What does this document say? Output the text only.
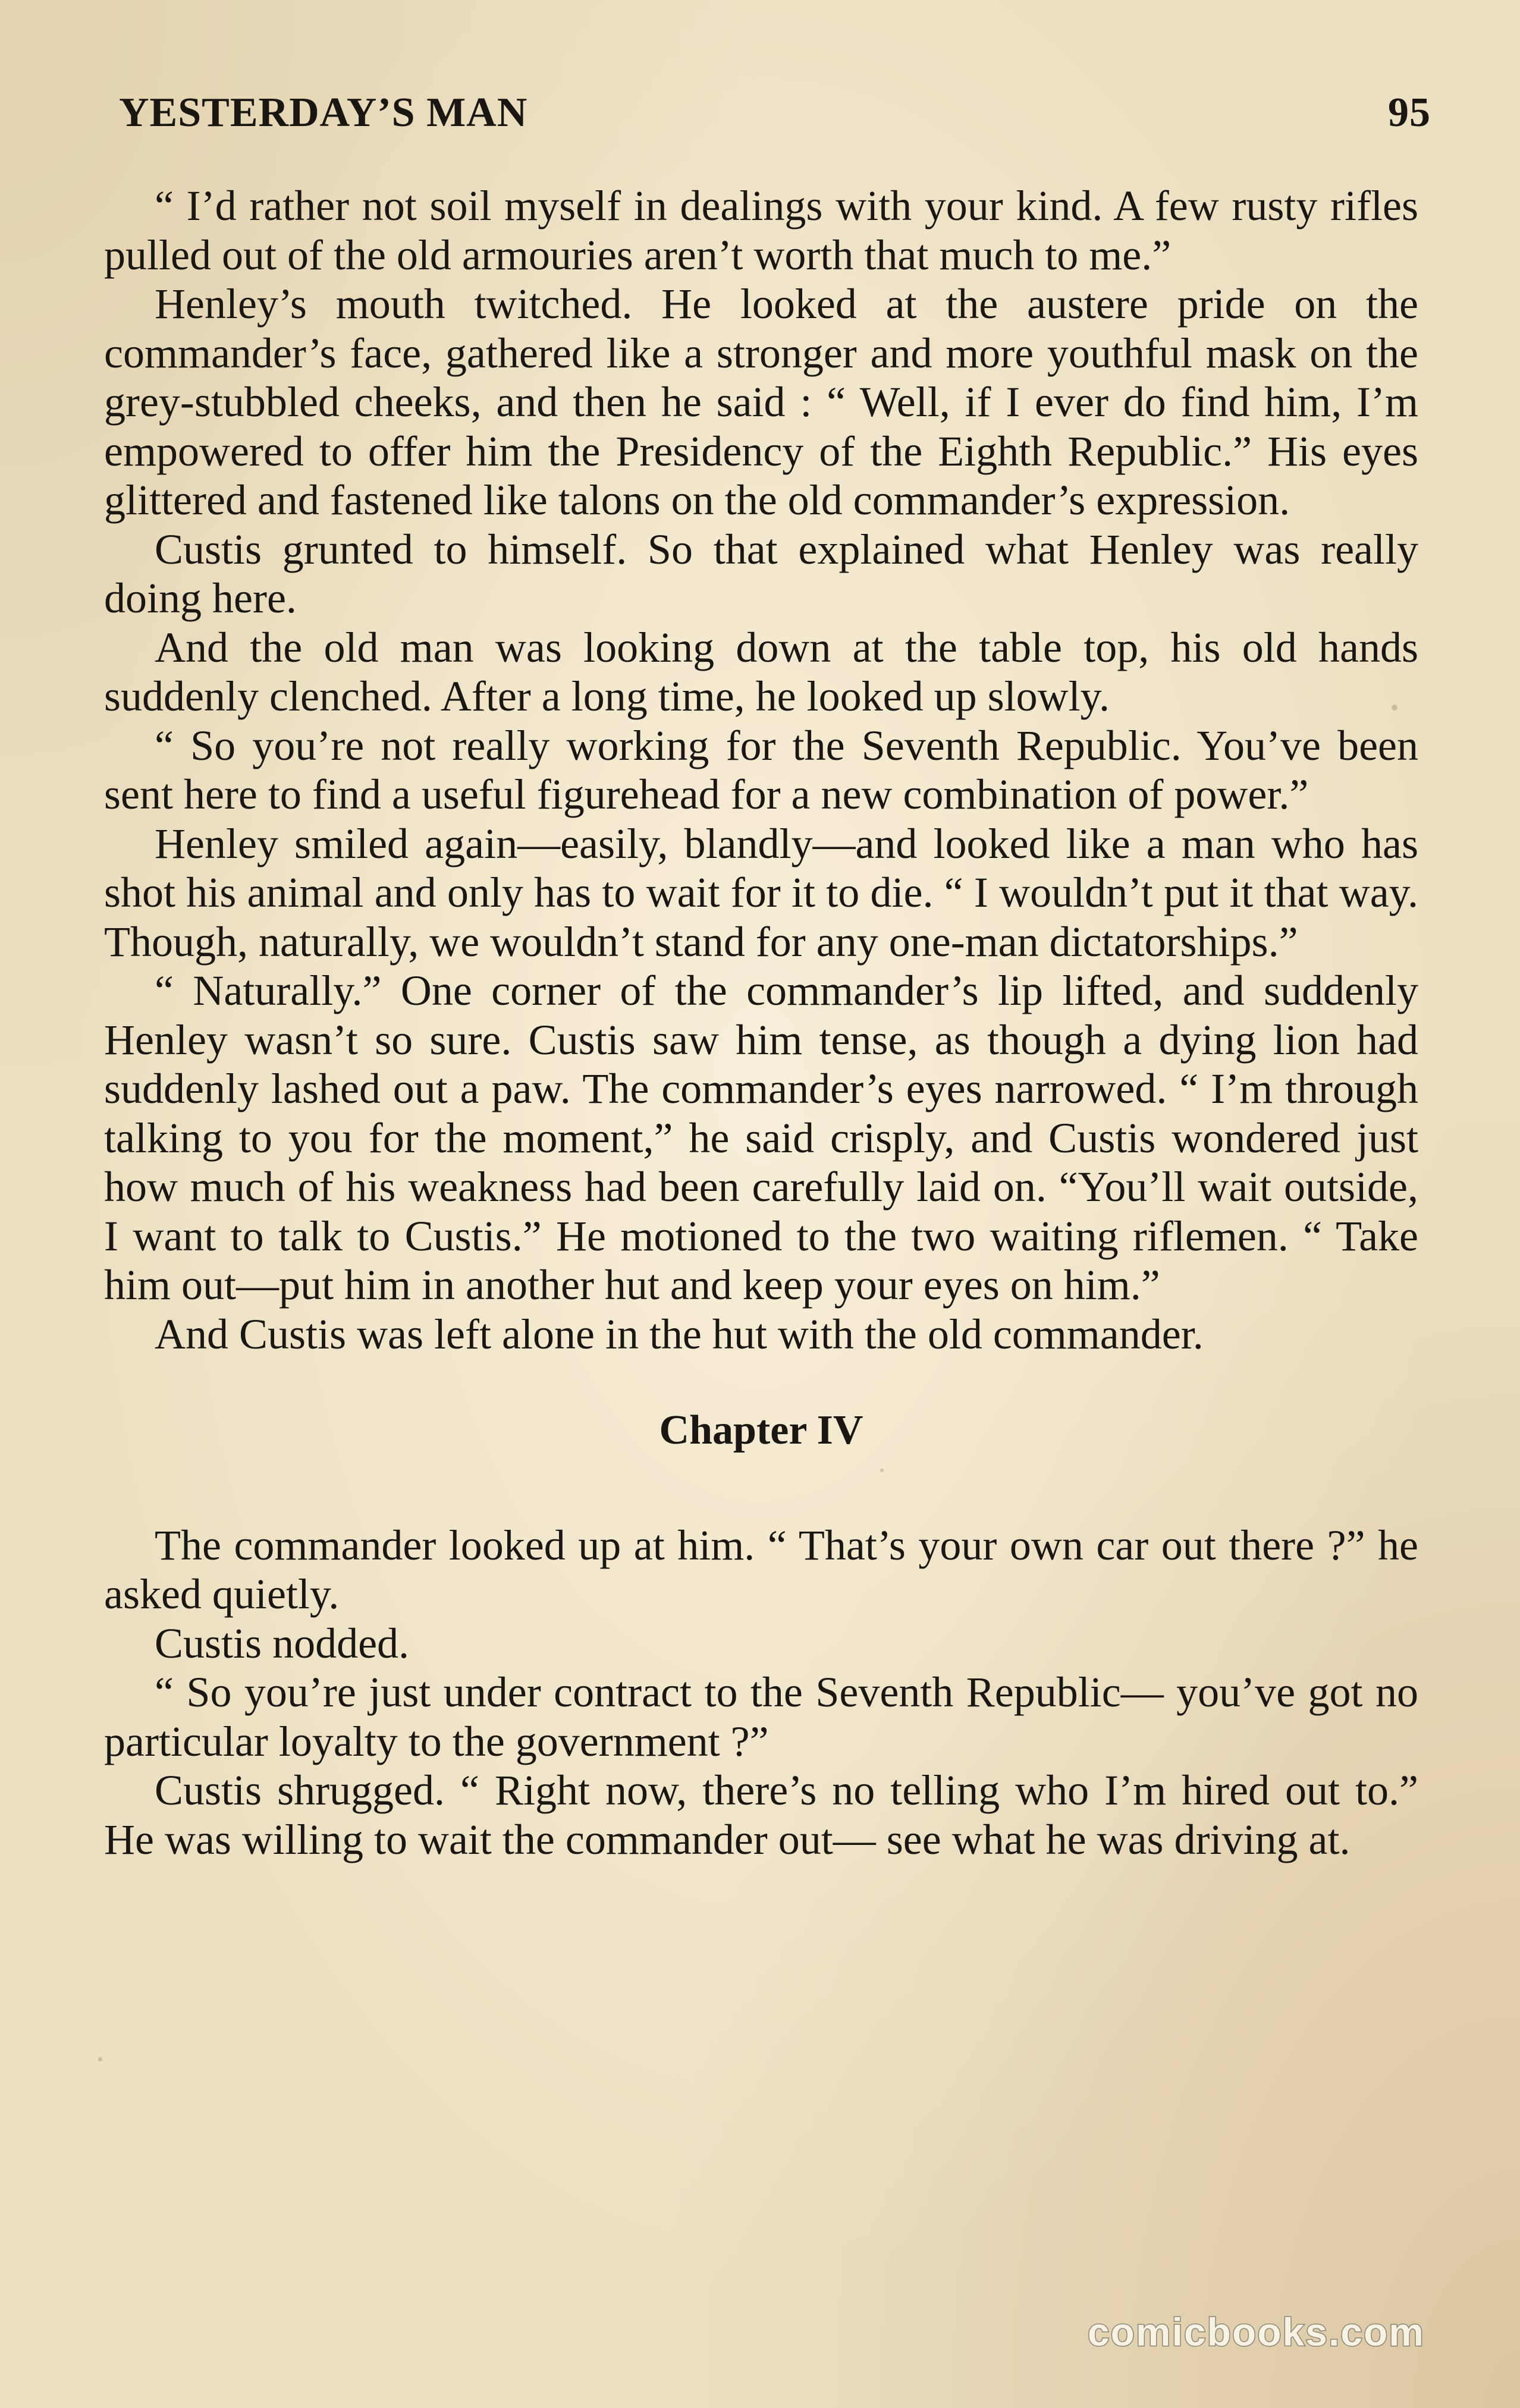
YESTERDAY’S MAN	95

“ I’d rather not soil myself in dealings with your kind. A few rusty rifles pulled out of the old armouries aren’t worth that much to me.”

Henley’s mouth twitched. He looked at the austere pride on the commander’s face, gathered like a stronger and more youthful mask on the grey-stubbled cheeks, and then he said : “ Well, if I ever do find him, I’m empowered to offer him the Presidency of the Eighth Republic.” His eyes glittered and fastened like talons on the old commander’s expression.

Custis grunted to himself. So that explained what Henley was really doing here.

And the old man was looking down at the table top, his old hands suddenly clenched. After a long time, he looked up slowly.

“ So you’re not really working for the Seventh Republic. You’ve been sent here to find a useful figurehead for a new combination of power.”

Henley smiled again—easily, blandly—and looked like a man who has shot his animal and only has to wait for it to die. “ I wouldn’t put it that way. Though, naturally, we wouldn’t stand for any one-man dictatorships.”

“ Naturally.” One corner of the commander’s lip lifted, and suddenly Henley wasn’t so sure. Custis saw him tense, as though a dying lion had suddenly lashed out a paw. The commander’s eyes narrowed. “ I’m through talking to you for the moment,” he said crisply, and Custis wondered just how much of his weakness had been carefully laid on. “You’ll wait outside, I want to talk to Custis.” He motioned to the two waiting riflemen. “ Take him out—put him in another hut and keep your eyes on him.”

And Custis was left alone in the hut with the old commander.

Chapter IV

The commander looked up at him. “ That’s your own car out there ?” he asked quietly.

Custis nodded.

“ So you’re just under contract to the Seventh Republic— you’ve got no particular loyalty to the government ?”

Custis shrugged. “ Right now, there’s no telling who I’m hired out to.” He was willing to wait the commander out— see what he was driving at.

comicbooks.com
